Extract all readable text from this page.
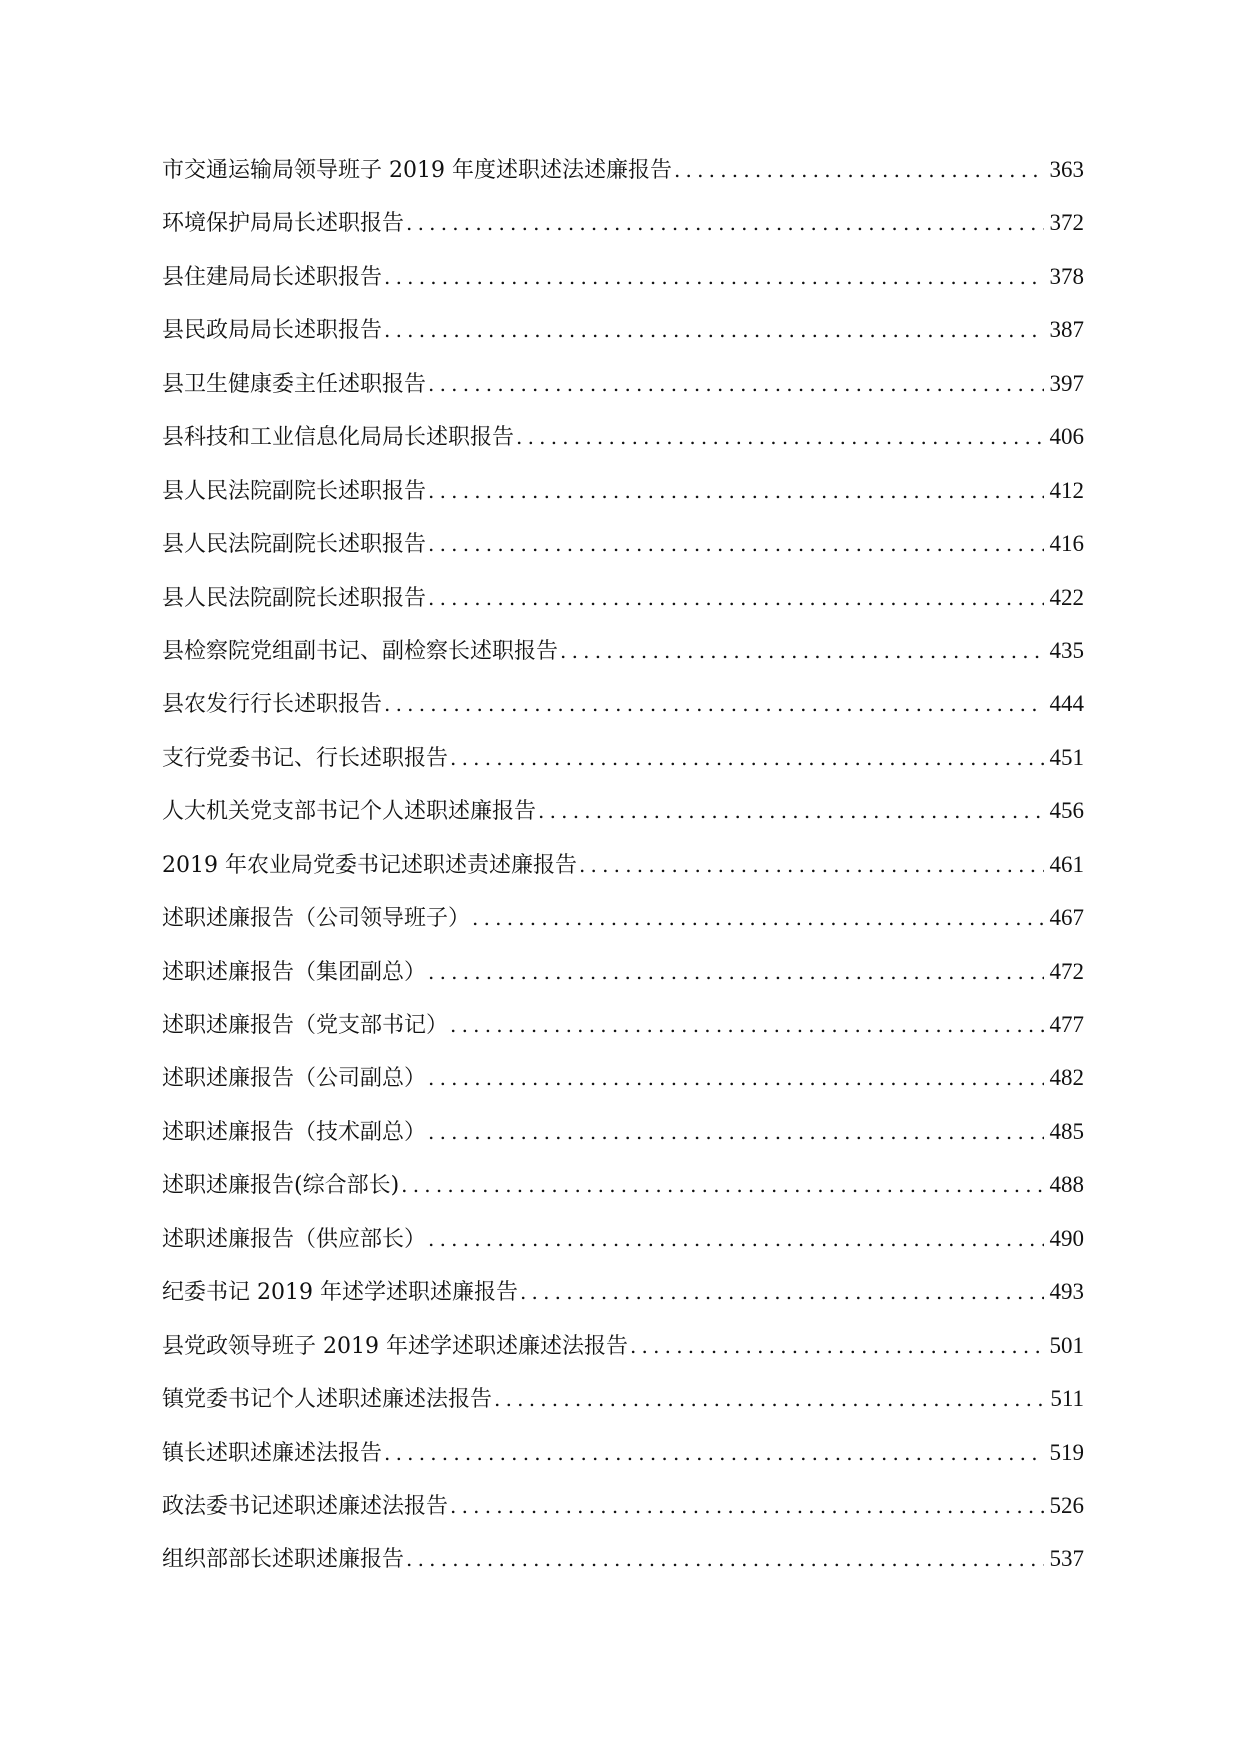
市交通运输局领导班子 2019 年度述职述法述廉报告 .....	363
环境保护局局长述职报告 .....	372
县住建局局长述职报告 .....	378
县民政局局长述职报告 .....	387
县卫生健康委主任述职报告 .....	397
县科技和工业信息化局局长述职报告 .....	406
县人民法院副院长述职报告 .....	412
县人民法院副院长述职报告 .....	416
县人民法院副院长述职报告 .....	422
县检察院党组副书记、副检察长述职报告 .....	435
县农发行行长述职报告 .....	444
支行党委书记、行长述职报告 .....	451
人大机关党支部书记个人述职述廉报告 .....	456
2019 年农业局党委书记述职述责述廉报告 .....	461
述职述廉报告（公司领导班子） .....	467
述职述廉报告（集团副总） .....	472
述职述廉报告（党支部书记） .....	477
述职述廉报告（公司副总） .....	482
述职述廉报告（技术副总） .....	485
述职述廉报告(综合部长) .....	488
述职述廉报告（供应部长） .....	490
纪委书记 2019 年述学述职述廉报告 .....	493
县党政领导班子 2019 年述学述职述廉述法报告 .....	501
镇党委书记个人述职述廉述法报告 .....	511
镇长述职述廉述法报告 .....	519
政法委书记述职述廉述法报告 .....	526
组织部部长述职述廉报告 .....	537
